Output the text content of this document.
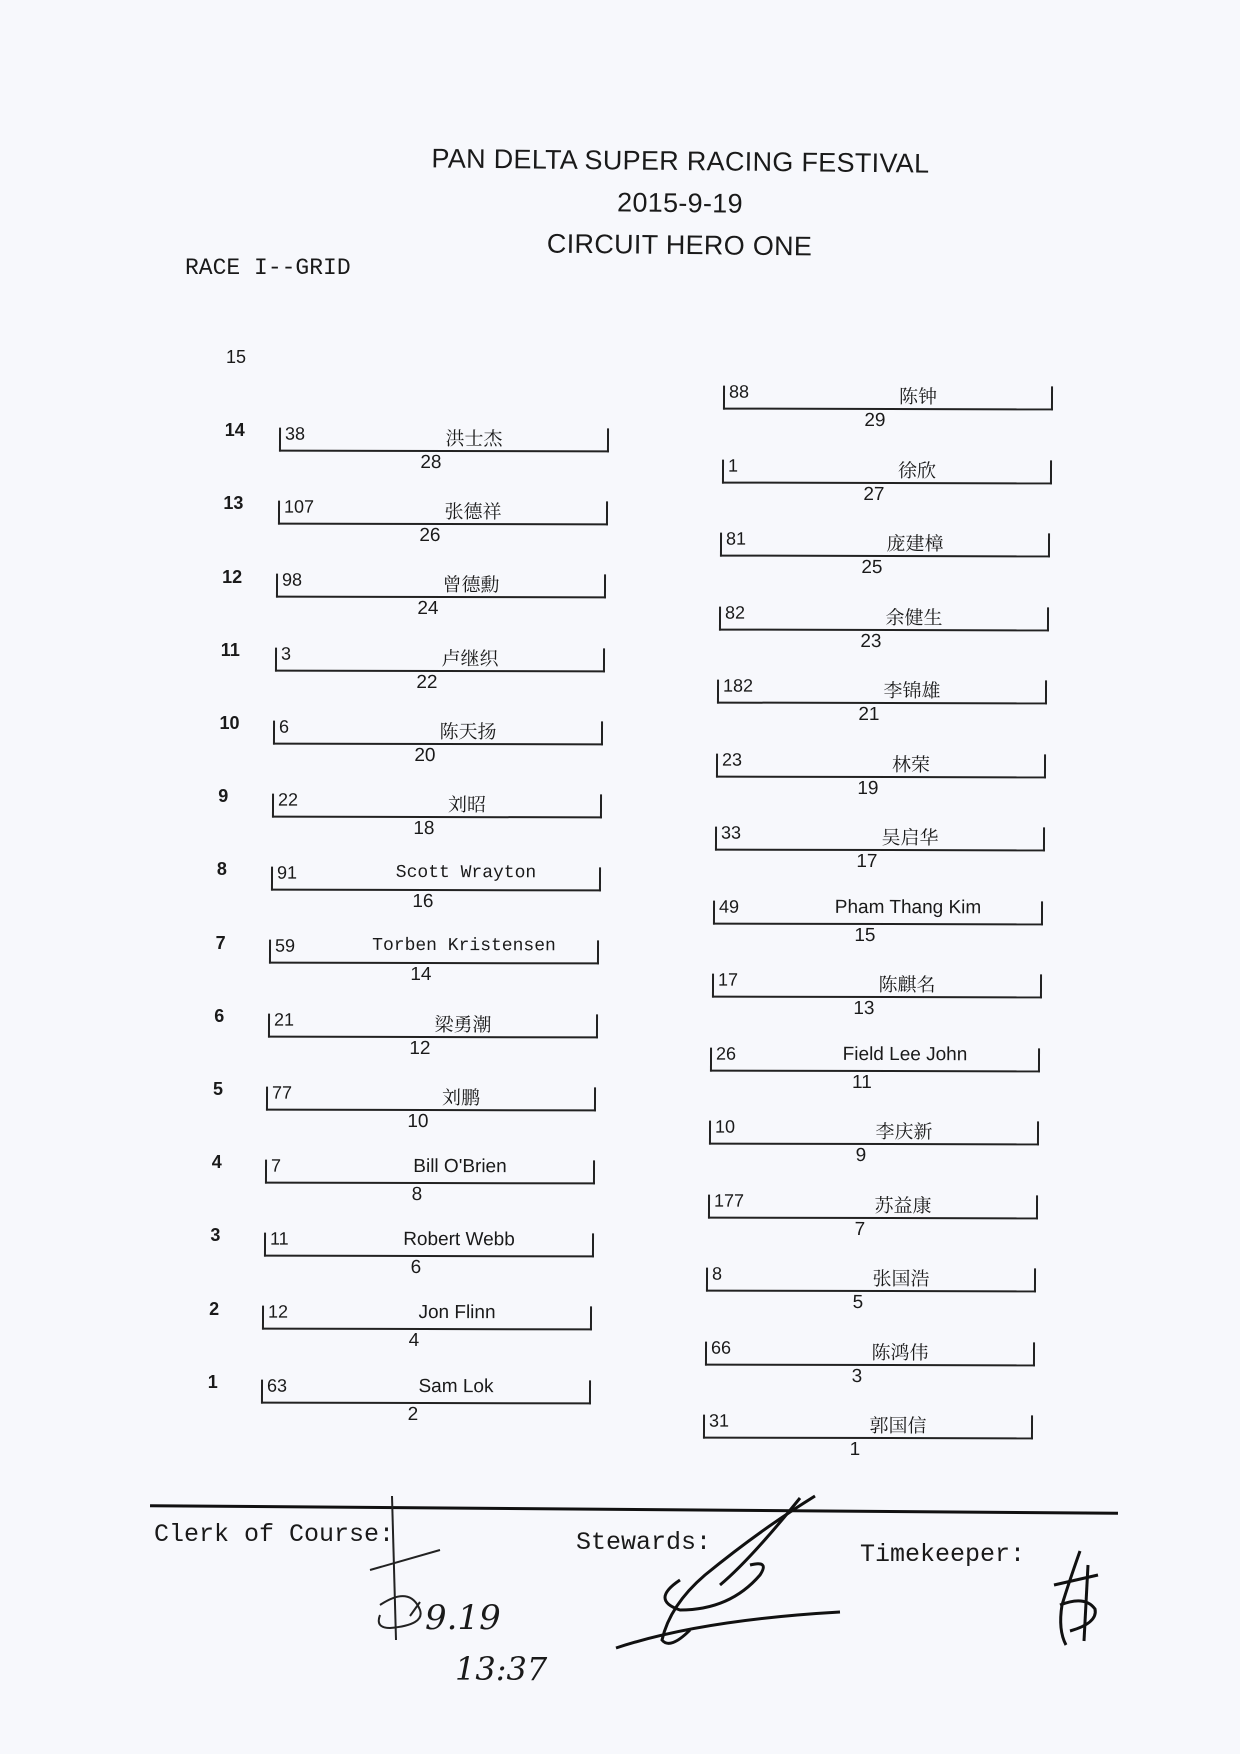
PAN DELTA SUPER RACING FESTIVAL
2015-9-19
CIRCUIT HERO ONE
RACE I--GRID
15
14
13
12
11
10
9
8
7
6
5
4
3
2
1
38	洪士杰
28
107	张德祥
26
98	曾德勳
24
3	卢继织
22
6	陈天扬
20
22	刘昭
18
91	Scott Wrayton
16
59	Torben Kristensen
14
21	梁勇潮
12
77	刘鹏
10
7	Bill O'Brien
8
11	Robert Webb
6
12	Jon Flinn
4
63	Sam Lok
2
88	陈钟
29
1	徐欣
27
81	庞建樟
25
82	余健生
23
182	李锦雄
21
23	林荣
19
33	吴启华
17
49	Pham Thang Kim
15
17	陈麒名
13
26	Field Lee John
11
10	李庆新
9
177	苏益康
7
8	张国浩
5
66	陈鸿伟
3
31	郭国信
1
Clerk of Course:	Stewards:	Timekeeper:
9.19
13:37
